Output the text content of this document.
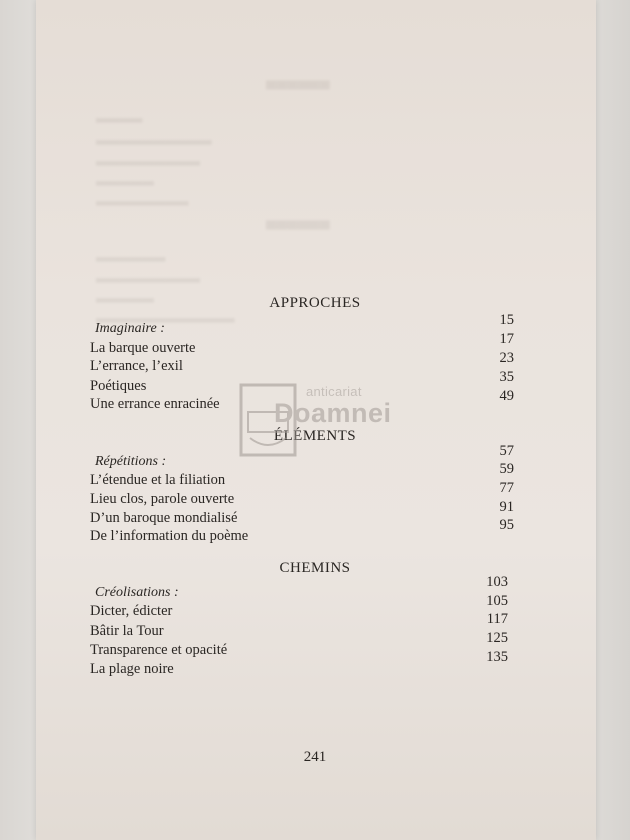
▀▀▀▀▀▀
▂▂▂▂
▂▂▂▂▂▂▂▂▂▂
▂▂▂▂▂▂▂▂▂
▂▂▂▂▂
▂▂▂▂▂▂▂▂
▀▀▀▀▀▀
▂▂▂▂▂▂
▂▂▂▂▂▂▂▂▂
▂▂▂▂▂
▂▂▂▂▂▂▂▂▂▂▂▂
APPROCHES
Imaginaire :
15
La barque ouverte
17
L’errance, l’exil	23
Poétiques
35
Une errance enracinée	49
ÉLÉMENTS
Répétitions :
57
L’étendue et la filiation
59
Lieu clos, parole ouverte
77
D’un baroque mondialisé
91
De l’information du poème
95
CHEMINS
Créolisations :
103
Dicter, édicter
105
Bâtir la Tour
117
Transparence et opacité
125
La plage noire
135
241
anticariat
Doamnei
